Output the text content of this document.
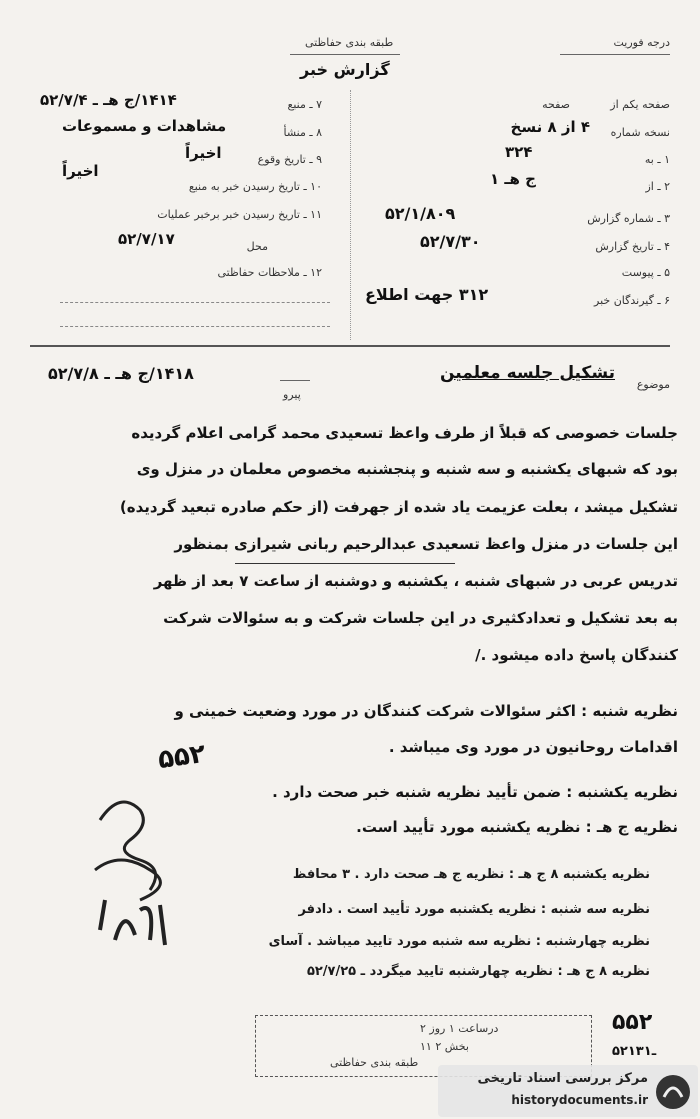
درجه فوریت
طبقه بندی حفاظتی
گزارش خبر
۷ ـ منبع
۱۴۱۴/ج هـ ـ ۵۲/۷/۴
۸ ـ منشأ
مشاهدات و مسموعات
۹ ـ تاریخ وقوع
اخیراً
۱۰ ـ تاریخ رسیدن خبر به منبع
اخیراً
۱۱ ـ تاریخ رسیدن خبر برخبر عملیات
محل
۵۲/۷/۱۷
۱۲ ـ ملاحظات حفاظتی
صفحه یکم از
صفحه
نسخه شماره
۴ از ۸ نسخ
۱ ـ به
۳۲۴
۲ ـ از
ج هـ ۱
۳ ـ شماره گزارش
۵۲/۱/۸۰۹
۴ ـ تاریخ گزارش
۵۲/۷/۳۰
۵ ـ پیوست
۶ ـ گیرندگان خبر
۳۱۲ جهت اطلاع
موضوع
تشکیل جلسه معلمین
پیرو
۱۴۱۸/ج هـ ـ ۵۲/۷/۸
جلسات خصوصی که قبلاً از طرف واعظ تسعیدی محمد گرامی اعلام گردیده
بود که شبهای یکشنبه و سه شنبه و پنجشنبه مخصوص معلمان در منزل وی
تشکیل میشد ، بعلت عزیمت یاد شده از جهرفت (از حکم صادره تبعید گردیده)
این جلسات در منزل واعظ تسعیدی عبدالرحیم ربانی شیرازی بمنظور
تدریس عربی در شبهای شنبه ، یکشنبه و دوشنبه از ساعت ۷ بعد از ظهر
به بعد تشکیل و تعدادکثیری در این جلسات شرکت و به سئوالات شرکت
کنندگان پاسخ داده میشود ./
نظریه شنبه : اکثر سئوالات شرکت کنندگان در مورد وضعیت خمینی و
اقدامات روحانیون در مورد وی میباشد .
نظریه یکشنبه : ضمن تأیید نظریه شنبه خبر صحت دارد .
نظریه ج هـ : نظریه یکشنبه مورد تأیید است.
نظریه یکشنبه ۸ ج هـ : نظریه ج هـ صحت دارد . ۳ محافظ
نظریه سه شنبه : نظریه یکشنبه مورد تأیید است . دادفر
نظریه چهارشنبه : نظریه سه شنبه مورد تایید میباشد . آسای
نظریه ۸ ج هـ : نظریه چهارشنبه تایید میگردد ـ ۵۲/۷/۲۵
۵۵۲
درساعت ۱ روز ۲
بخش ۲ ۱۱
طبقه بندی حفاظتی
۵۵۲
۵۲ـ۱۳۱
مرکز بررسی اسناد تاریخی
historydocuments.ir
